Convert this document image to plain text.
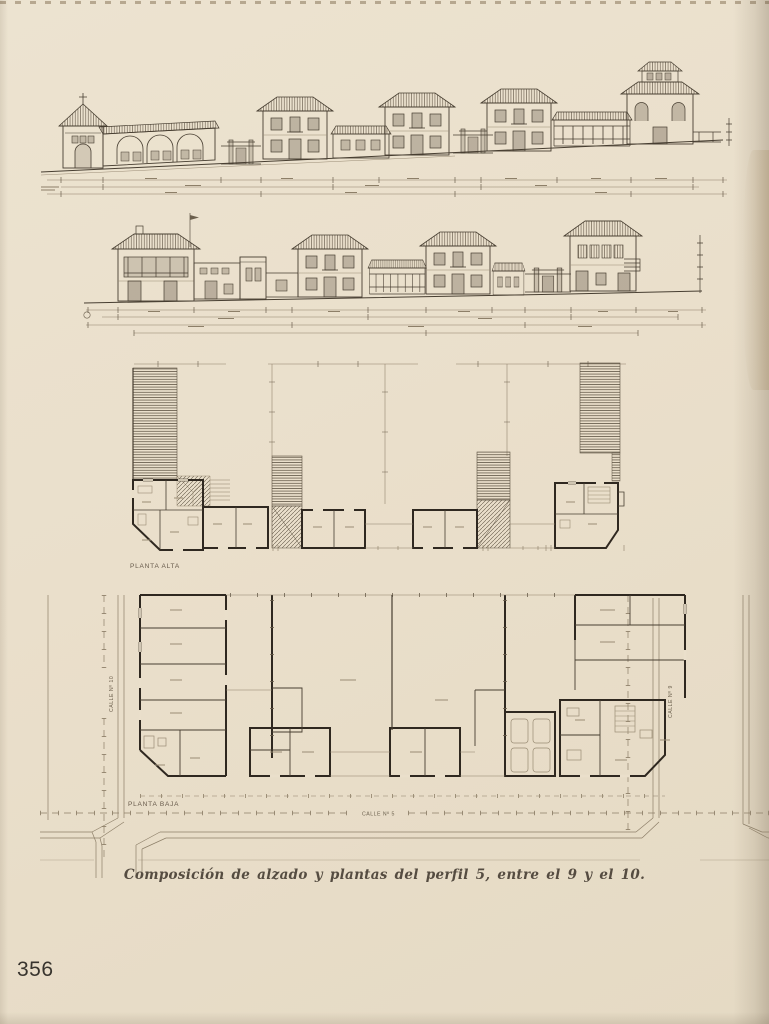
PLANTA ALTA
PLANTA BAJA
CALLE Nº 10	CALLE Nº 9
CALLE Nº 5
Composición de alzado y plantas del perfil 5, entre el 9 y el 10.
356
